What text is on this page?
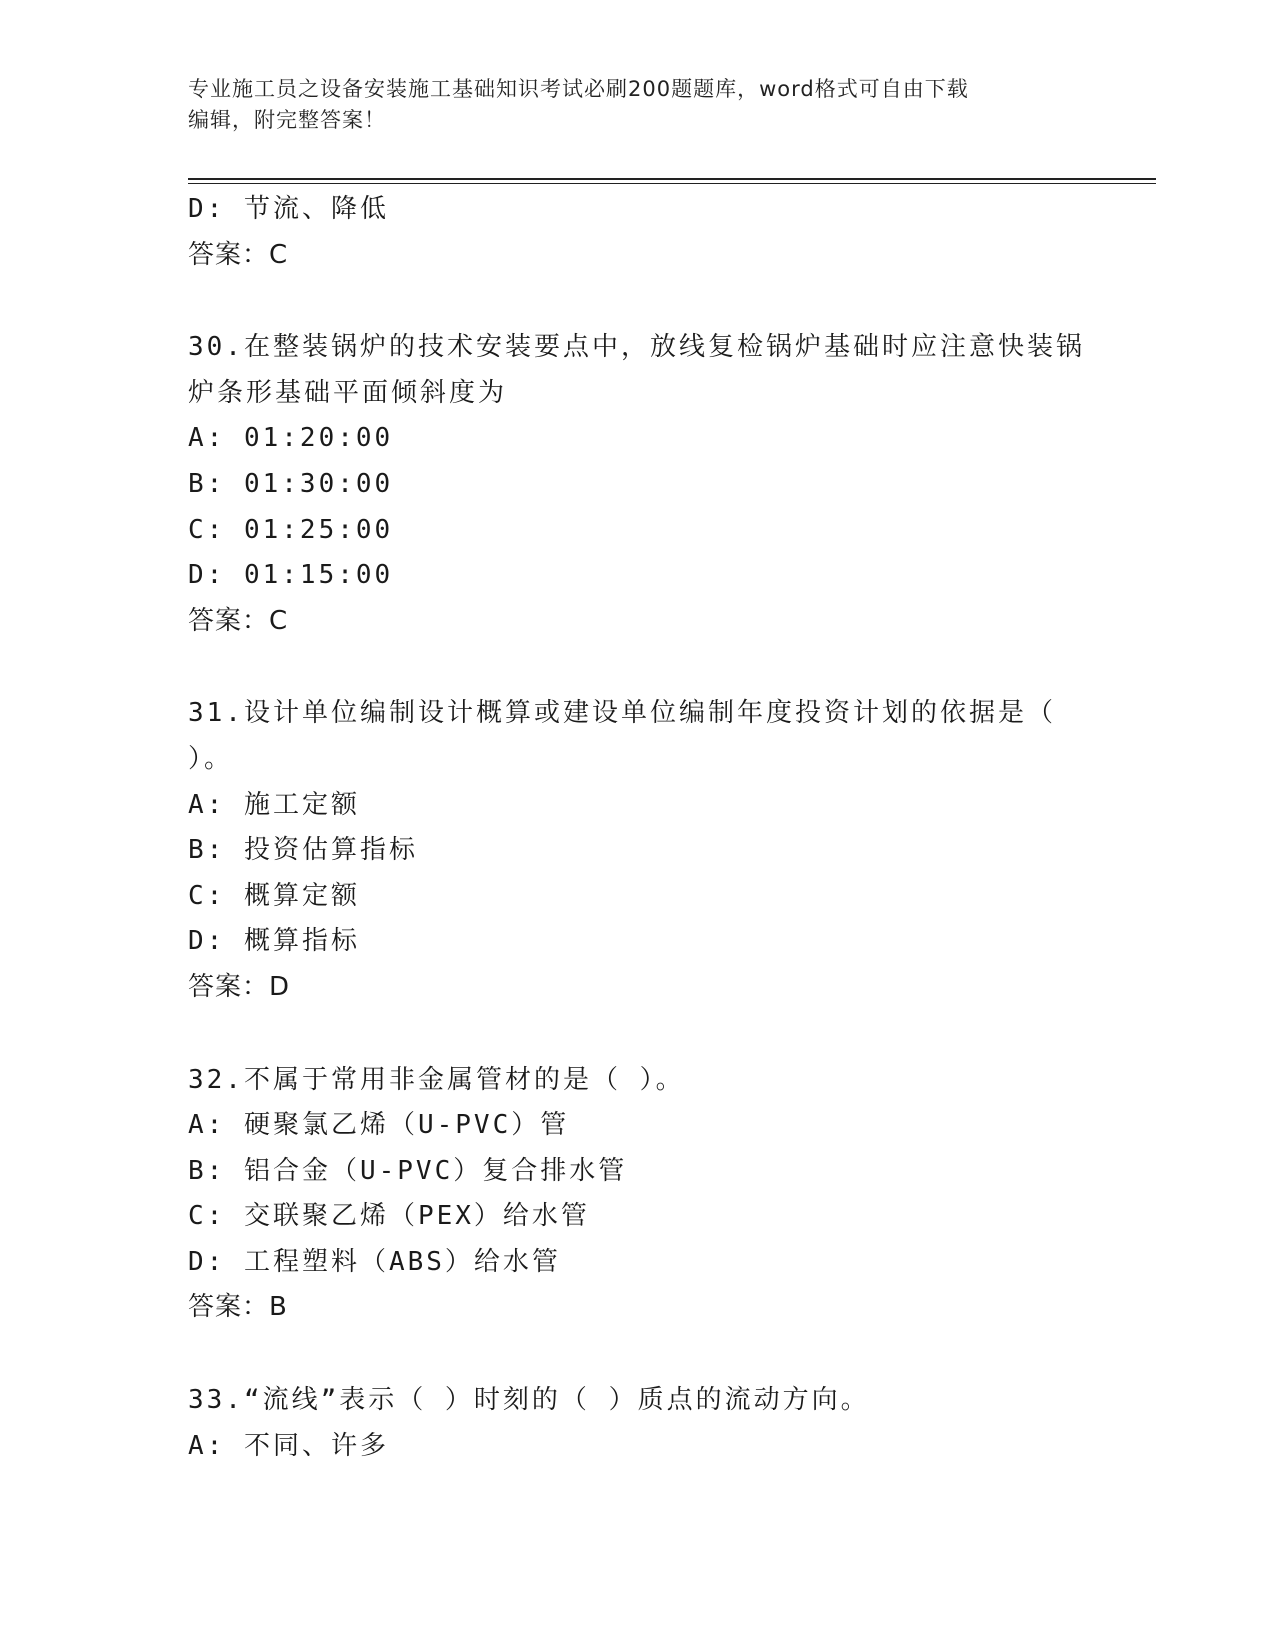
专业施工员之设备安装施工基础知识考试必刷200题题库，word格式可自由下载
编辑，附完整答案！
D: 节流、降低
答案：C
30.在整装锅炉的技术安装要点中，放线复检锅炉基础时应注意快装锅
炉条形基础平面倾斜度为
A: 01:20:00
B: 01:30:00
C: 01:25:00
D: 01:15:00
答案：C
31.设计单位编制设计概算或建设单位编制年度投资计划的依据是（
）。
A: 施工定额
B: 投资估算指标
C: 概算定额
D: 概算指标
答案：D
32.不属于常用非金属管材的是（ ）。
A: 硬聚氯乙烯（U-PVC）管
B: 铝合金（U-PVC）复合排水管
C: 交联聚乙烯（PEX）给水管
D: 工程塑料（ABS）给水管
答案：B
33.“流线”表示（ ）时刻的（ ）质点的流动方向。
A: 不同、许多
